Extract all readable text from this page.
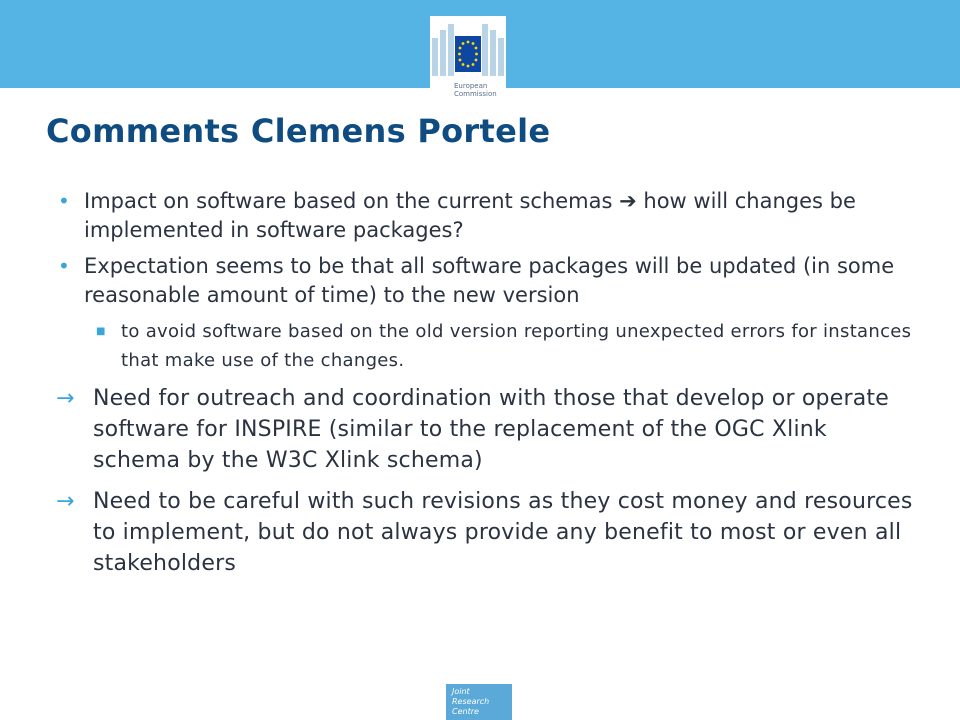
European
Commission
Comments Clemens Portele
• Impact on software based on the current schemas ➔ how will changes be implemented in software packages?
• Expectation seems to be that all software packages will be updated (in some reasonable amount of time) to the new version
■ to avoid software based on the old version reporting unexpected errors for instances that make use of the changes.
→ Need for outreach and coordination with those that develop or operate software for INSPIRE (similar to the replacement of the OGC Xlink schema by the W3C Xlink schema)
→ Need to be careful with such revisions as they cost money and resources to implement, but do not always provide any benefit to most or even all stakeholders
Joint
Research
Centre
